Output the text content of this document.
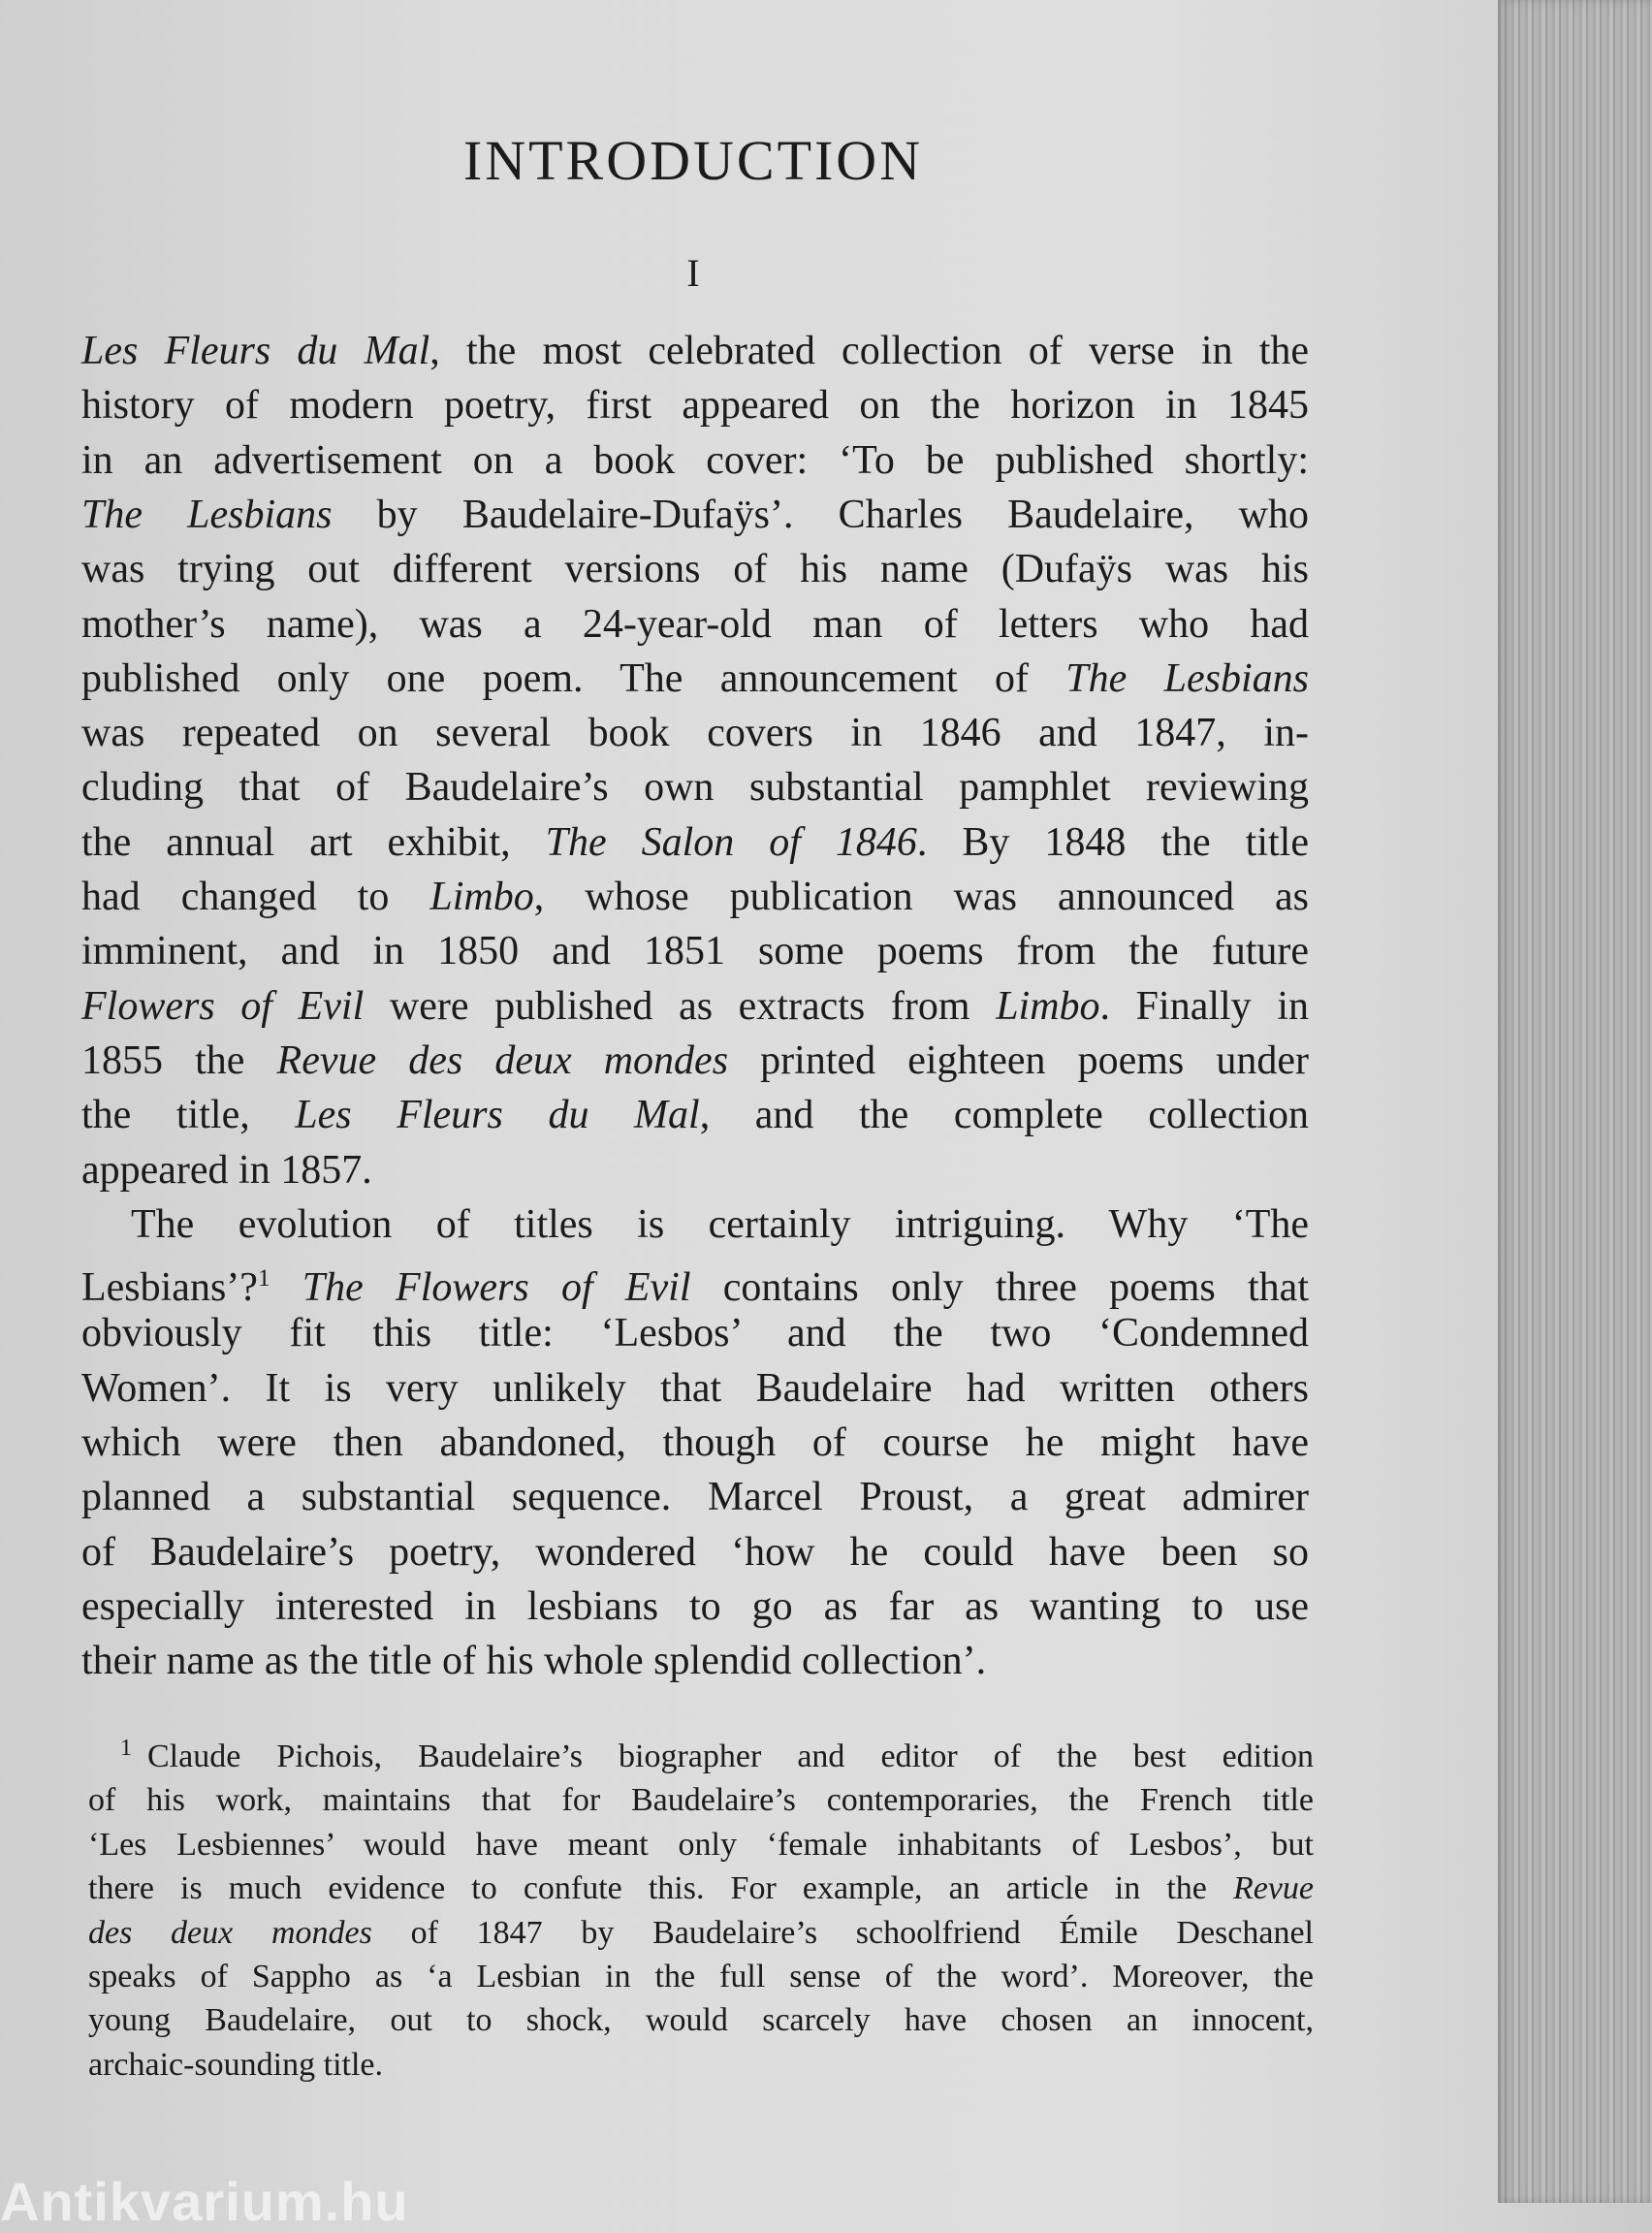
INTRODUCTION
I
Les Fleurs du Mal, the most celebrated collection of verse in the
history of modern poetry, first appeared on the horizon in 1845
in an advertisement on a book cover: ‘To be published shortly:
The Lesbians by Baudelaire-Dufaÿs’. Charles Baudelaire, who
was trying out different versions of his name (Dufaÿs was his
mother’s name), was a 24-year-old man of letters who had
published only one poem. The announcement of The Lesbians
was repeated on several book covers in 1846 and 1847, in-
cluding that of Baudelaire’s own substantial pamphlet reviewing
the annual art exhibit, The Salon of 1846. By 1848 the title
had changed to Limbo, whose publication was announced as
imminent, and in 1850 and 1851 some poems from the future
Flowers of Evil were published as extracts from Limbo. Finally in
1855 the Revue des deux mondes printed eighteen poems under
the title, Les Fleurs du Mal, and the complete collection
appeared in 1857.
The evolution of titles is certainly intriguing. Why ‘The
Lesbians’?$^1$ The Flowers of Evil contains only three poems that
obviously fit this title: ‘Lesbos’ and the two ‘Condemned
Women’. It is very unlikely that Baudelaire had written others
which were then abandoned, though of course he might have
planned a substantial sequence. Marcel Proust, a great admirer
of Baudelaire’s poetry, wondered ‘how he could have been so
especially interested in lesbians to go as far as wanting to use
their name as the title of his whole splendid collection’.
1 Claude Pichois, Baudelaire’s biographer and editor of the best edition
of his work, maintains that for Baudelaire’s contemporaries, the French title
‘Les Lesbiennes’ would have meant only ‘female inhabitants of Lesbos’, but
there is much evidence to confute this. For example, an article in the Revue
des deux mondes of 1847 by Baudelaire’s schoolfriend Émile Deschanel
speaks of Sappho as ‘a Lesbian in the full sense of the word’. Moreover, the
young Baudelaire, out to shock, would scarcely have chosen an innocent,
archaic-sounding title.
Antikvarium.hu
